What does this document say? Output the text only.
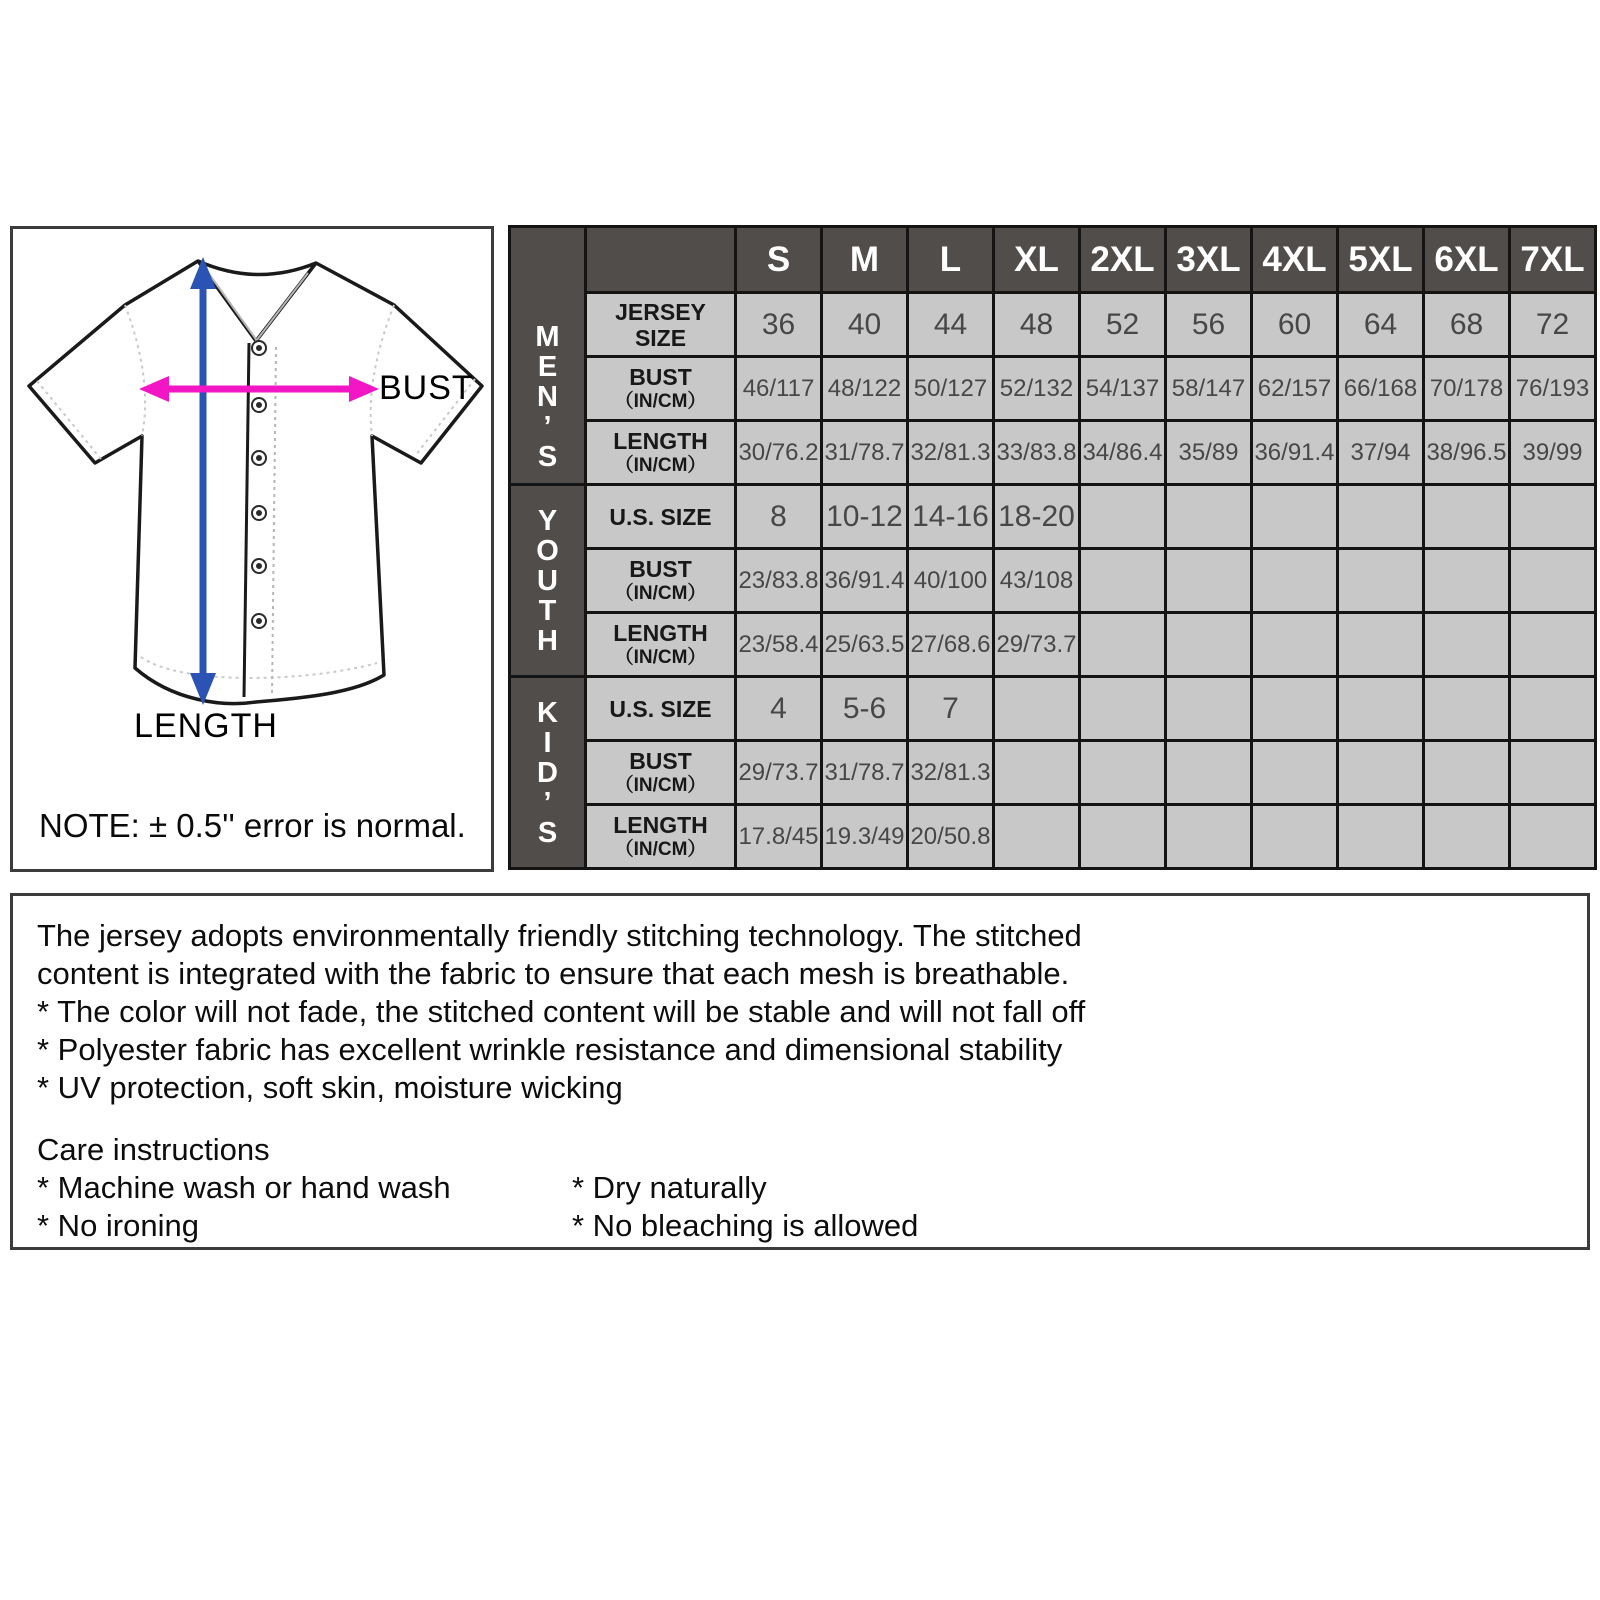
BUST
LENGTH
NOTE: ± 0.5'' error is normal.
M
E
N
’
S		S	M	L	XL	2XL	3XL	4XL	5XL	6XL	7XL

	JERSEY
SIZE	36	40	44	48	52	56	60	64	68	72

	BUST
（IN/CM）	46/117	48/122	50/127	52/132	54/137	58/147	62/157	66/168	70/178	76/193

	LENGTH
（IN/CM）	30/76.2	31/78.7	32/81.3	33/83.8	34/86.4	35/89	36/91.4	37/94	38/96.5	39/99

Y
O
U
T
H	U.S. SIZE	8	10-12	14-16	18-20						

	BUST
（IN/CM）	23/83.8	36/91.4	40/100	43/108						

	LENGTH
（IN/CM）	23/58.4	25/63.5	27/68.6	29/73.7						

K
I
D
’
S	U.S. SIZE	4	5-6	7							

	BUST
（IN/CM）	29/73.7	31/78.7	32/81.3							

	LENGTH
（IN/CM）	17.8/45	19.3/49	20/50.8							
The jersey adopts environmentally friendly stitching technology. The stitched
content is integrated with the fabric to ensure that each mesh is breathable.
* The color will not fade, the stitched content will be stable and will not fall off
* Polyester fabric has excellent wrinkle resistance and dimensional stability
* UV protection, soft skin, moisture wicking
Care instructions
* Machine wash or hand wash	* Dry naturally
* No ironing	* No bleaching is allowed
